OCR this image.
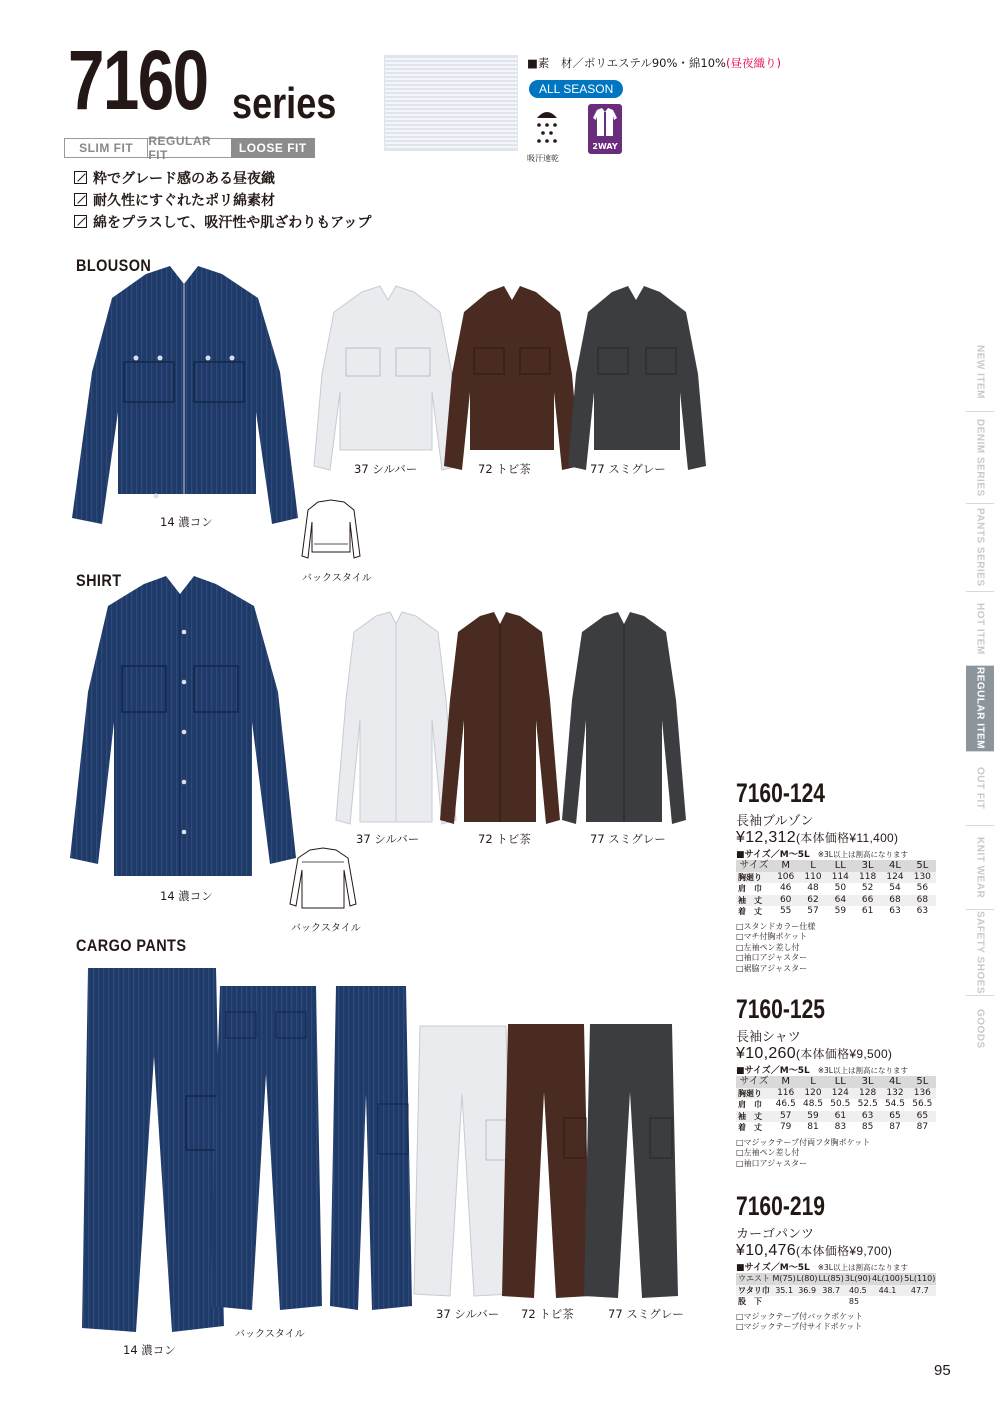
7160 series
SLIM FIT	REGULAR FIT	LOOSE FIT
粋でグレード感のある昼夜織
耐久性にすぐれたポリ綿素材
綿をプラスして、吸汗性や肌ざわりもアップ
■素　材／ポリエステル90%・綿10%(昼夜織り)
ALL SEASON
吸汗速乾
2WAY
NEW ITEM
DENIM SERIES
PANTS SERIES
HOT ITEM
REGULAR ITEM
OUT FIT
KNIT WEAR
SAFETY SHOES
GOODS
BLOUSON
14 濃コン
バックスタイル
37 シルバー	72 トビ茶	77 スミグレー
SHIRT
14 濃コン
バックスタイル
37 シルバー	72 トビ茶	77 スミグレー
CARGO PANTS
14 濃コン
バックスタイル
37 シルバー 72 トビ茶	77 スミグレー
7160-124
長袖ブルゾン
¥12,312(本体価格¥11,400)
■サイズ／M～5L ※3L以上は割高になります
サイズ	M	L	LL	3L	4L	5L
胸廻り	106	110	114	118	124	130
肩　巾	46	48	50	52	54	56
袖　丈	60	62	64	66	68	68
着　丈	55	57	59	61	63	63
□スタンドカラー仕様
□マチ付胸ポケット
□左袖ペン差し付
□袖口アジャスター
□裾脇アジャスター
7160-125
長袖シャツ
¥10,260(本体価格¥9,500)
■サイズ／M～5L ※3L以上は割高になります
サイズ	M	L	LL	3L	4L	5L
胸廻り	116	120	124	128	132	136
肩　巾	46.5	48.5	50.5	52.5	54.5	56.5
袖　丈	57	59	61	63	65	65
着　丈	79	81	83	85	87	87
□マジックテープ付両フタ胸ポケット
□左袖ペン差し付
□袖口アジャスター
7160-219
カーゴパンツ
¥10,476(本体価格¥9,700)
■サイズ／M～5L ※3L以上は割高になります
ウエスト	M(75)	L(80)	LL(85)	3L(90)	4L(100)	5L(110)
ワタリ巾	35.1	36.9	38.7	40.5	44.1	47.7
股　下	85					
□マジックテープ付バックポケット
□マジックテープ付サイドポケット
95
